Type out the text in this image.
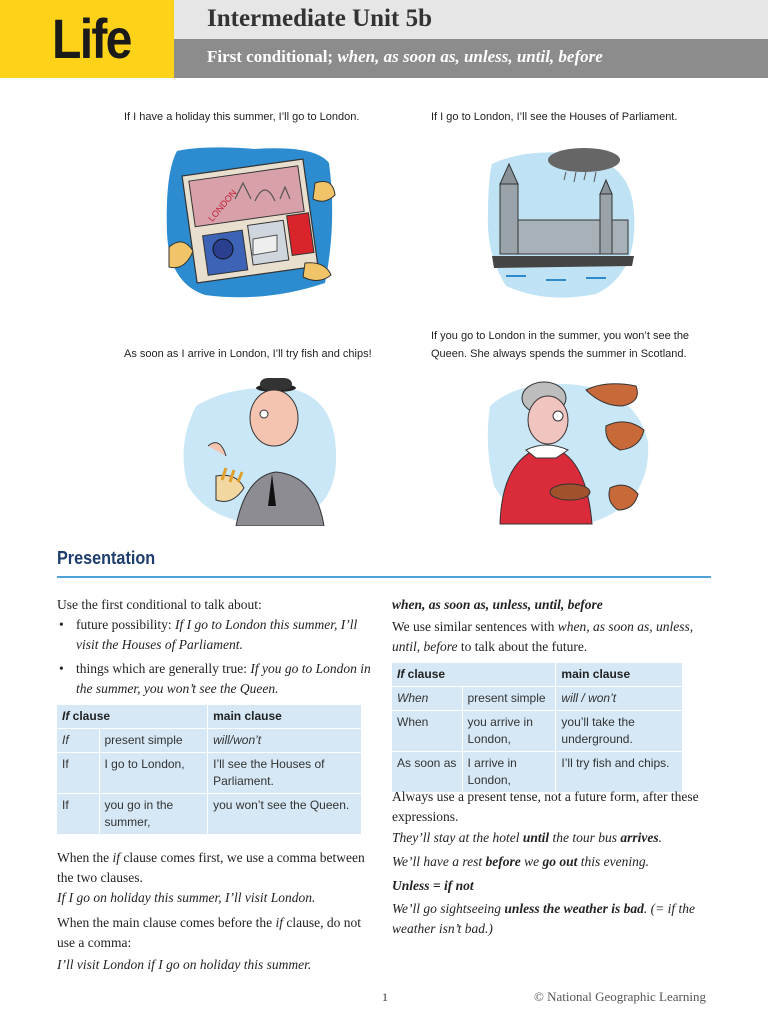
Life	Intermediate Unit 5b
First conditional; when, as soon as, unless, until, before
If I have a holiday this summer, I’ll go to London.	If I go to London, I’ll see the Houses of Parliament.
As soon as I arrive in London, I’ll try fish and chips!
If you go to London in the summer, you won’t see the
Queen. She always spends the summer in Scotland.
LONDON
Presentation
Use the first conditional to talk about:
• future possibility: If I go to London this summer, I’ll visit the Houses of Parliament.
• things which are generally true: If you go to London in the summer, you won’t see the Queen.
If clause		main clause
If	present simple	will/won’t
If	I go to London,	I’ll see the Houses of Parliament.
If	you go in the summer,	you won’t see the Queen.
When the if clause comes first, we use a comma between the two clauses.
If I go on holiday this summer, I’ll visit London.
When the main clause comes before the if clause, do not use a comma:
I’ll visit London if I go on holiday this summer.
when, as soon as, unless, until, before
We use similar sentences with when, as soon as, unless, until, before to talk about the future.
If clause		main clause
When	present simple	will / won’t
When	you arrive in London,	you’ll take the underground.
As soon as	I arrive in London,	I’ll try fish and chips.
Always use a present tense, not a future form, after these expressions.
They’ll stay at the hotel until the tour bus arrives.
We’ll have a rest before we go out this evening.
Unless = if not
We’ll go sightseeing unless the weather is bad. (= if the weather isn’t bad.)
1	© National Geographic Learning
